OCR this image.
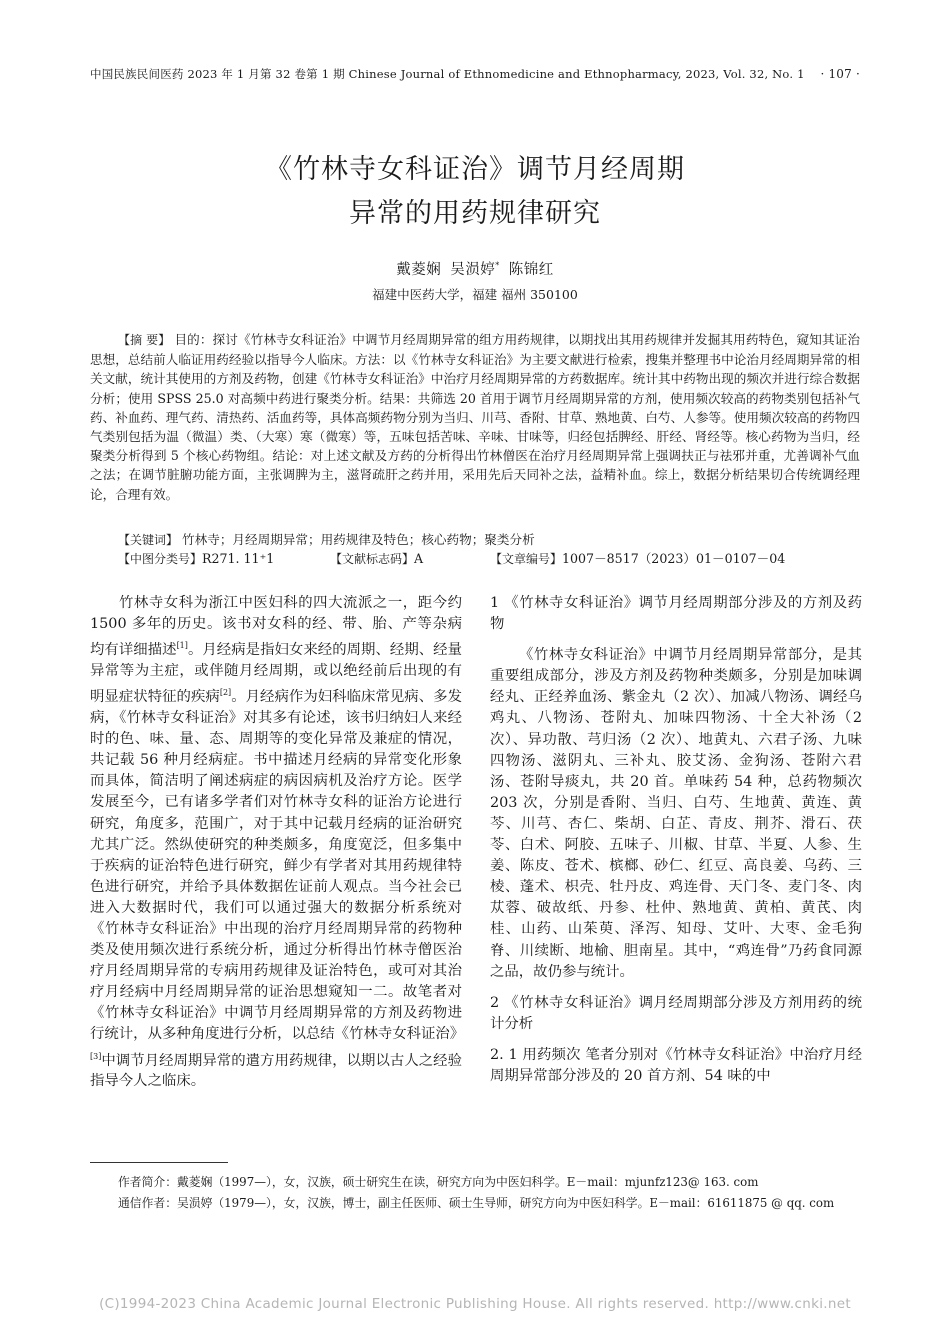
中国民族民间医药 2023 年 1 月第 32 卷第 1 期 Chinese Journal of Ethnomedicine and Ethnopharmacy, 2023, Vol. 32, No. 1 · 107 ·
《竹林寺女科证治》调节月经周期
异常的用药规律研究
戴菱娴 吴涢婷* 陈锦红
福建中医药大学，福建 福州 350100
【摘 要】 目的：探讨《竹林寺女科证治》中调节月经周期异常的组方用药规律，以期找出其用药规律并发掘其用药特色，窥知其证治思想，总结前人临证用药经验以指导今人临床。方法：以《竹林寺女科证治》为主要文献进行检索，搜集并整理书中论治月经周期异常的相关文献，统计其使用的方剂及药物，创建《竹林寺女科证治》中治疗月经周期异常的方药数据库。统计其中药物出现的频次并进行综合数据分析；使用 SPSS 25.0 对高频中药进行聚类分析。结果：共筛选 20 首用于调节月经周期异常的方剂，使用频次较高的药物类别包括补气药、补血药、理气药、清热药、活血药等，具体高频药物分别为当归、川芎、香附、甘草、熟地黄、白芍、人参等。使用频次较高的药物四气类别包括为温（微温）类、（大寒）寒（微寒）等，五味包括苦味、辛味、甘味等，归经包括脾经、肝经、肾经等。核心药物为当归，经聚类分析得到 5 个核心药物组。结论：对上述文献及方药的分析得出竹林僧医在治疗月经周期异常上强调扶正与祛邪并重，尤善调补气血之法；在调节脏腑功能方面，主张调脾为主，滋肾疏肝之药并用，采用先后天同补之法，益精补血。综上，数据分析结果切合传统调经理论，合理有效。
【关键词】 竹林寺；月经周期异常；用药规律及特色；核心药物；聚类分析
【中图分类号】R271. 11⁺1	【文献标志码】A	【文章编号】1007－8517（2023）01－0107－04

竹林寺女科为浙江中医妇科的四大流派之一，距今约 1500 多年的历史。该书对女科的经、带、胎、产等杂病均有详细描述[1]。月经病是指妇女来经的周期、经期、经量异常等为主症，或伴随月经周期，或以绝经前后出现的有明显症状特征的疾病[2]。月经病作为妇科临床常见病、多发病，《竹林寺女科证治》对其多有论述，该书归纳妇人来经时的色、味、量、态、周期等的变化异常及兼症的情况，共记载 56 种月经病症。书中描述月经病的异常变化形象而具体，简洁明了阐述病症的病因病机及治疗方论。医学发展至今，已有诸多学者们对竹林寺女科的证治方论进行研究，角度多，范围广，对于其中记载月经病的证治研究尤其广泛。然纵使研究的种类颇多，角度宽泛，但多集中于疾病的证治特色进行研究，鲜少有学者对其用药规律特色进行研究，并给予具体数据佐证前人观点。当今社会已进入大数据时代，我们可以通过强大的数据分析系统对《竹林寺女科证治》中出现的治疗月经周期异常的药物种类及使用频次进行系统分析，通过分析得出竹林寺僧医治疗月经周期异常的专病用药规律及证治特色，或可对其治疗月经病中月经周期异常的证治思想窥知一二。故笔者对《竹林寺女科证治》中调节月经周期异常的方剂及药物进行统计，从多种角度进行分析，以总结《竹林寺女科证治》[3]中调节月经周期异常的遣方用药规律，以期以古人之经验指导今人之临床。

1 《竹林寺女科证治》调节月经周期部分涉及的方剂及药物

《竹林寺女科证治》中调节月经周期异常部分，是其重要组成部分，涉及方剂及药物种类颇多，分别是加味调经丸、正经养血汤、紫金丸（2 次）、加减八物汤、调经乌鸡丸、八物汤、苍附丸、加味四物汤、十全大补汤（2 次）、异功散、芎归汤（2 次）、地黄丸、六君子汤、九味四物汤、滋阴丸、三补丸、胶艾汤、金狗汤、苍附六君汤、苍附导痰丸，共 20 首。单味药 54 种，总药物频次 203 次，分别是香附、当归、白芍、生地黄、黄连、黄芩、川芎、杏仁、柴胡、白芷、青皮、荆芥、滑石、茯苓、白术、阿胶、五味子、川椒、甘草、半夏、人参、生姜、陈皮、苍术、槟榔、砂仁、红豆、高良姜、乌药、三棱、蓬术、枳壳、牡丹皮、鸡连骨、天门冬、麦门冬、肉苁蓉、破故纸、丹参、杜仲、熟地黄、黄柏、黄芪、肉桂、山药、山茱萸、泽泻、知母、艾叶、大枣、金毛狗脊、川续断、地榆、胆南星。其中，“鸡连骨”乃药食同源之品，故仍参与统计。

2 《竹林寺女科证治》调月经周期部分涉及方剂用药的统计分析

2. 1 用药频次 笔者分别对《竹林寺女科证治》中治疗月经周期异常部分涉及的 20 首方剂、54 味的中

作者简介：戴菱娴（1997—），女，汉族，硕士研究生在读，研究方向为中医妇科学。E－mail：mjunfz123@ 163. com

通信作者：吴涢婷（1979—），女，汉族，博士，副主任医师、硕士生导师，研究方向为中医妇科学。E－mail：61611875 @ qq. com

(C)1994-2023 China Academic Journal Electronic Publishing House. All rights reserved. http://www.cnki.net
